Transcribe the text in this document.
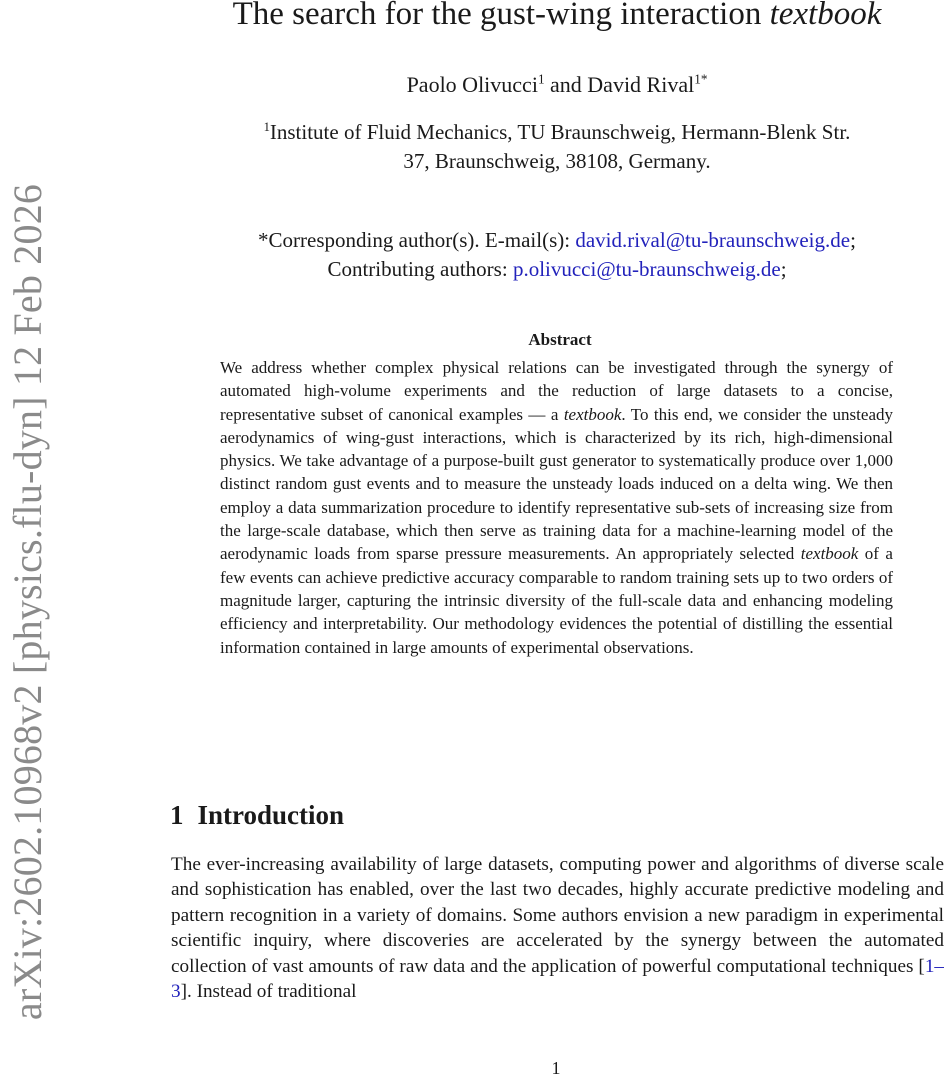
arXiv:2602.10968v2 [physics.flu-dyn] 12 Feb 2026
The search for the gust-wing interaction textbook
Paolo Olivucci$^1$ and David Rival$^{1*}$
$^1$Institute of Fluid Mechanics, TU Braunschweig, Hermann-Blenk Str.
37, Braunschweig, 38108, Germany.
*Corresponding author(s). E-mail(s): david.rival@tu-braunschweig.de;
Contributing authors: p.olivucci@tu-braunschweig.de;
Abstract
We address whether complex physical relations can be investigated through the synergy of automated high-volume experiments and the reduction of large datasets to a concise, representative subset of canonical examples — a textbook. To this end, we consider the unsteady aerodynamics of wing-gust interactions, which is characterized by its rich, high-dimensional physics. We take advantage of a purpose-built gust generator to systematically produce over 1,000 distinct random gust events and to measure the unsteady loads induced on a delta wing. We then employ a data summarization procedure to identify representative sub-sets of increasing size from the large-scale database, which then serve as training data for a machine-learning model of the aerodynamic loads from sparse pressure measurements. An appropriately selected textbook of a few events can achieve predictive accuracy comparable to random training sets up to two orders of magnitude larger, capturing the intrinsic diversity of the full-scale data and enhancing modeling efficiency and interpretability. Our methodology evidences the potential of distilling the essential information contained in large amounts of experimental observations.
1 Introduction
The ever-increasing availability of large datasets, computing power and algorithms of diverse scale and sophistication has enabled, over the last two decades, highly accurate predictive modeling and pattern recognition in a variety of domains. Some authors envision a new paradigm in experimental scientific inquiry, where discoveries are accelerated by the synergy between the automated collection of vast amounts of raw data and the application of powerful computational techniques [1–3]. Instead of traditional
1
